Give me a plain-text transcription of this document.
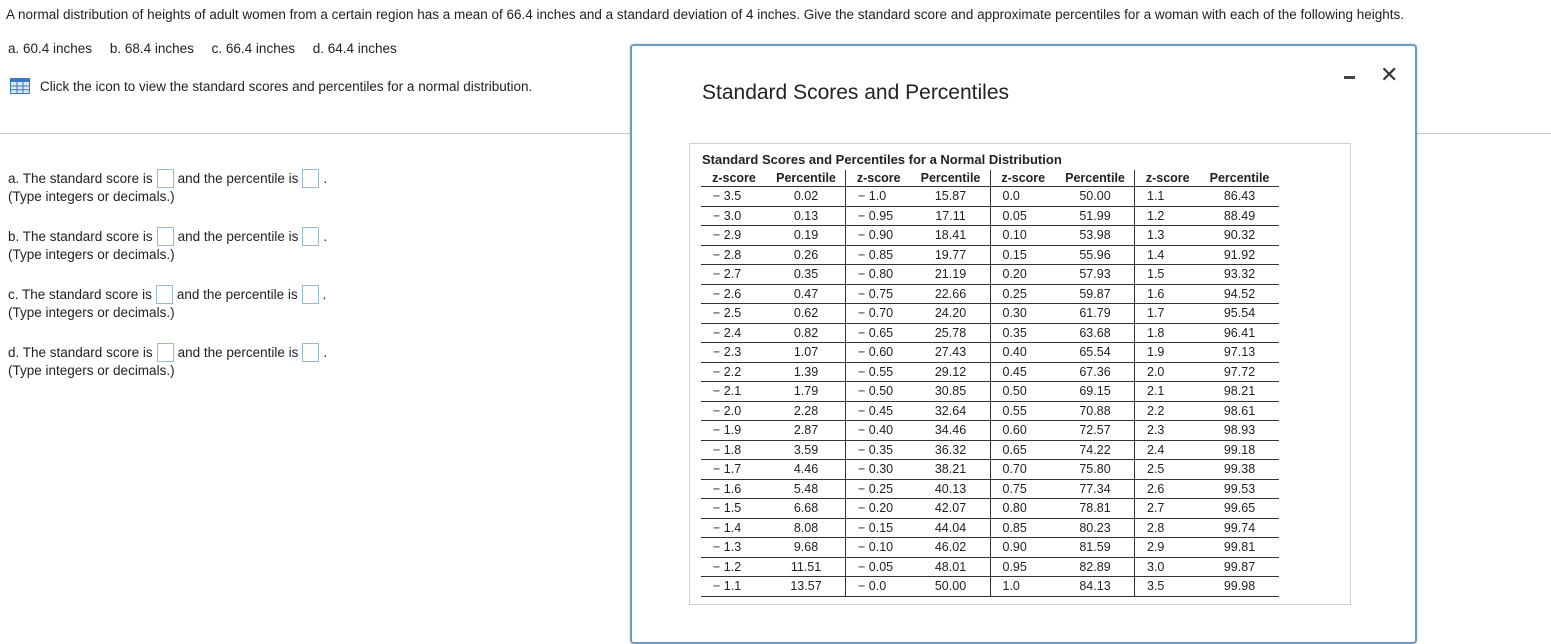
A normal distribution of heights of adult women from a certain region has a mean of 66.4 inches and a standard deviation of 4 inches. Give the standard score and approximate percentiles for a woman with each of the following heights.
a. 60.4 inches b. 68.4 inches c. 66.4 inches d. 64.4 inches
Click the icon to view the standard scores and percentiles for a normal distribution.
a. The standard score is and the percentile is .
(Type integers or decimals.)
b. The standard score is and the percentile is .
(Type integers or decimals.)
c. The standard score is and the percentile is .
(Type integers or decimals.)
d. The standard score is and the percentile is .
(Type integers or decimals.)
Standard Scores and Percentiles
✕
Standard Scores and Percentiles for a Normal Distribution
z-score	Percentile	z-score	Percentile	z-score	Percentile	z-score	Percentile
− 3.5	0.02	− 1.0	15.87	0.0	50.00	1.1	86.43
− 3.0	0.13	− 0.95	17.11	0.05	51.99	1.2	88.49
− 2.9	0.19	− 0.90	18.41	0.10	53.98	1.3	90.32
− 2.8	0.26	− 0.85	19.77	0.15	55.96	1.4	91.92
− 2.7	0.35	− 0.80	21.19	0.20	57.93	1.5	93.32
− 2.6	0.47	− 0.75	22.66	0.25	59.87	1.6	94.52
− 2.5	0.62	− 0.70	24.20	0.30	61.79	1.7	95.54
− 2.4	0.82	− 0.65	25.78	0.35	63.68	1.8	96.41
− 2.3	1.07	− 0.60	27.43	0.40	65.54	1.9	97.13
− 2.2	1.39	− 0.55	29.12	0.45	67.36	2.0	97.72
− 2.1	1.79	− 0.50	30.85	0.50	69.15	2.1	98.21
− 2.0	2.28	− 0.45	32.64	0.55	70.88	2.2	98.61
− 1.9	2.87	− 0.40	34.46	0.60	72.57	2.3	98.93
− 1.8	3.59	− 0.35	36.32	0.65	74.22	2.4	99.18
− 1.7	4.46	− 0.30	38.21	0.70	75.80	2.5	99.38
− 1.6	5.48	− 0.25	40.13	0.75	77.34	2.6	99.53
− 1.5	6.68	− 0.20	42.07	0.80	78.81	2.7	99.65
− 1.4	8.08	− 0.15	44.04	0.85	80.23	2.8	99.74
− 1.3	9.68	− 0.10	46.02	0.90	81.59	2.9	99.81
− 1.2	11.51	− 0.05	48.01	0.95	82.89	3.0	99.87
− 1.1	13.57	− 0.0	50.00	1.0	84.13	3.5	99.98
